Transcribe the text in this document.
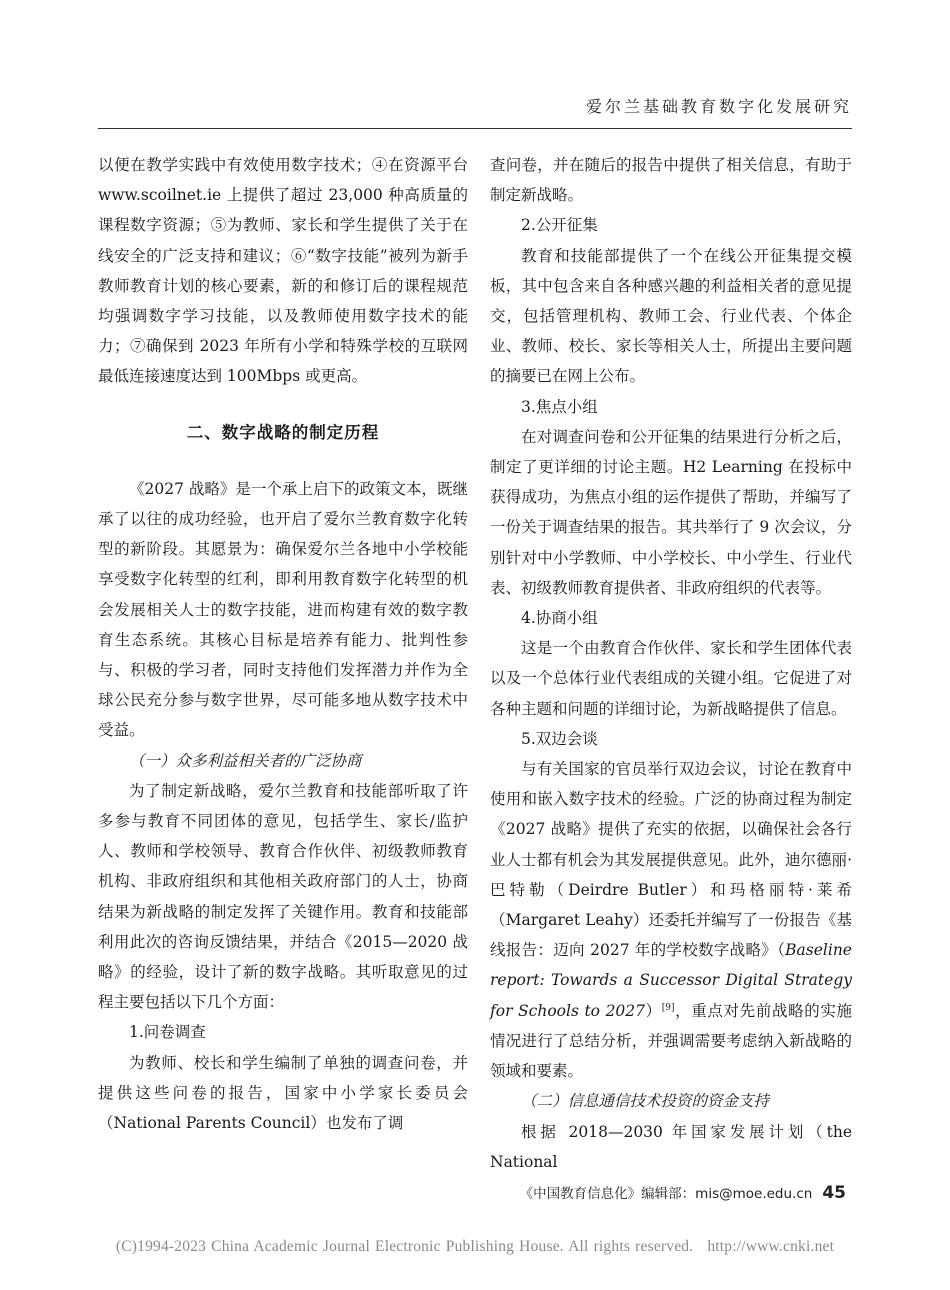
爱尔兰基础教育数字化发展研究

以便在教学实践中有效使用数字技术；④在资源平台 www.scoilnet.ie 上提供了超过 23,000 种高质量的课程数字资源；⑤为教师、家长和学生提供了关于在线安全的广泛支持和建议；⑥“数字技能”被列为新手教师教育计划的核心要素，新的和修订后的课程规范均强调数字学习技能，以及教师使用数字技术的能力；⑦确保到 2023 年所有小学和特殊学校的互联网最低连接速度达到 100Mbps 或更高。

二、数字战略的制定历程

《2027 战略》是一个承上启下的政策文本，既继承了以往的成功经验，也开启了爱尔兰教育数字化转型的新阶段。其愿景为：确保爱尔兰各地中小学校能享受数字化转型的红利，即利用教育数字化转型的机会发展相关人士的数字技能，进而构建有效的数字教育生态系统。其核心目标是培养有能力、批判性参与、积极的学习者，同时支持他们发挥潜力并作为全球公民充分参与数字世界，尽可能多地从数字技术中受益。

（一）众多利益相关者的广泛协商

为了制定新战略，爱尔兰教育和技能部听取了许多参与教育不同团体的意见，包括学生、家长/监护人、教师和学校领导、教育合作伙伴、初级教师教育机构、非政府组织和其他相关政府部门的人士，协商结果为新战略的制定发挥了关键作用。教育和技能部利用此次的咨询反馈结果，并结合《2015—2020 战略》的经验，设计了新的数字战略。其听取意见的过程主要包括以下几个方面：

1.问卷调查

为教师、校长和学生编制了单独的调查问卷，并提供这些问卷的报告，国家中小学家长委员会（National Parents Council）也发布了调

查问卷，并在随后的报告中提供了相关信息，有助于制定新战略。

2.公开征集

教育和技能部提供了一个在线公开征集提交模板，其中包含来自各种感兴趣的利益相关者的意见提交，包括管理机构、教师工会、行业代表、个体企业、教师、校长、家长等相关人士，所提出主要问题的摘要已在网上公布。

3.焦点小组

在对调查问卷和公开征集的结果进行分析之后，制定了更详细的讨论主题。H2 Learning 在投标中获得成功，为焦点小组的运作提供了帮助，并编写了一份关于调查结果的报告。其共举行了 9 次会议，分别针对中小学教师、中小学校长、中小学生、行业代表、初级教师教育提供者、非政府组织的代表等。

4.协商小组

这是一个由教育合作伙伴、家长和学生团体代表以及一个总体行业代表组成的关键小组。它促进了对各种主题和问题的详细讨论，为新战略提供了信息。

5.双边会谈

与有关国家的官员举行双边会议，讨论在教育中使用和嵌入数字技术的经验。广泛的协商过程为制定《2027 战略》提供了充实的依据，以确保社会各行业人士都有机会为其发展提供意见。此外，迪尔德丽·巴特勒（Deirdre Butler）和玛格丽特·莱希（Margaret Leahy）还委托并编写了一份报告《基线报告：迈向 2027 年的学校数字战略》（Baseline report: Towards a Successor Digital Strategy for Schools to 2027）[9]，重点对先前战略的实施情况进行了总结分析，并强调需要考虑纳入新战略的领域和要素。

（二）信息通信技术投资的资金支持

根据 2018—2030 年国家发展计划（the National

《中国教育信息化》编辑部：mis@moe.edu.cn 45
(C)1994-2023 China Academic Journal Electronic Publishing House. All rights reserved. http://www.cnki.net
